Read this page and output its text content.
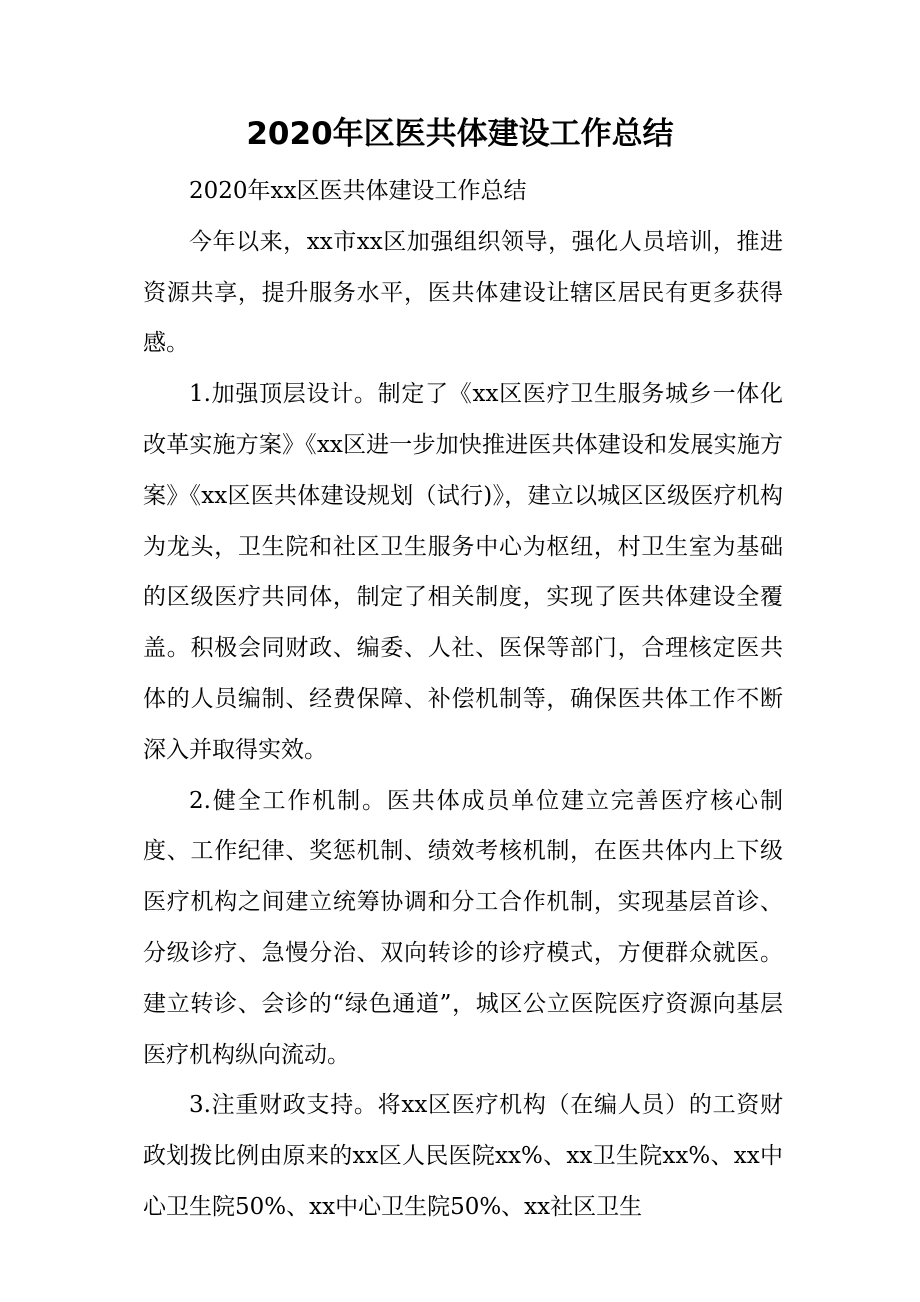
2020年区医共体建设工作总结

2020年xx区医共体建设工作总结

今年以来，xx市xx区加强组织领导，强化人员培训，推进资源共享，提升服务水平，医共体建设让辖区居民有更多获得感。

1.加强顶层设计。制定了《xx区医疗卫生服务城乡一体化改革实施方案》《xx区进一步加快推进医共体建设和发展实施方案》《xx区医共体建设规划（试行)》，建立以城区区级医疗机构为龙头，卫生院和社区卫生服务中心为枢纽，村卫生室为基础的区级医疗共同体，制定了相关制度，实现了医共体建设全覆盖。积极会同财政、编委、人社、医保等部门，合理核定医共体的人员编制、经费保障、补偿机制等，确保医共体工作不断深入并取得实效。

2.健全工作机制。医共体成员单位建立完善医疗核心制度、工作纪律、奖惩机制、绩效考核机制，在医共体内上下级医疗机构之间建立统筹协调和分工合作机制，实现基层首诊、分级诊疗、急慢分治、双向转诊的诊疗模式，方便群众就医。建立转诊、会诊的“绿色通道”，城区公立医院医疗资源向基层医疗机构纵向流动。

3.注重财政支持。将xx区医疗机构（在编人员）的工资财政划拨比例由原来的xx区人民医院xx%、xx卫生院xx%、xx中心卫生院50%、xx中心卫生院50%、xx社区卫生
